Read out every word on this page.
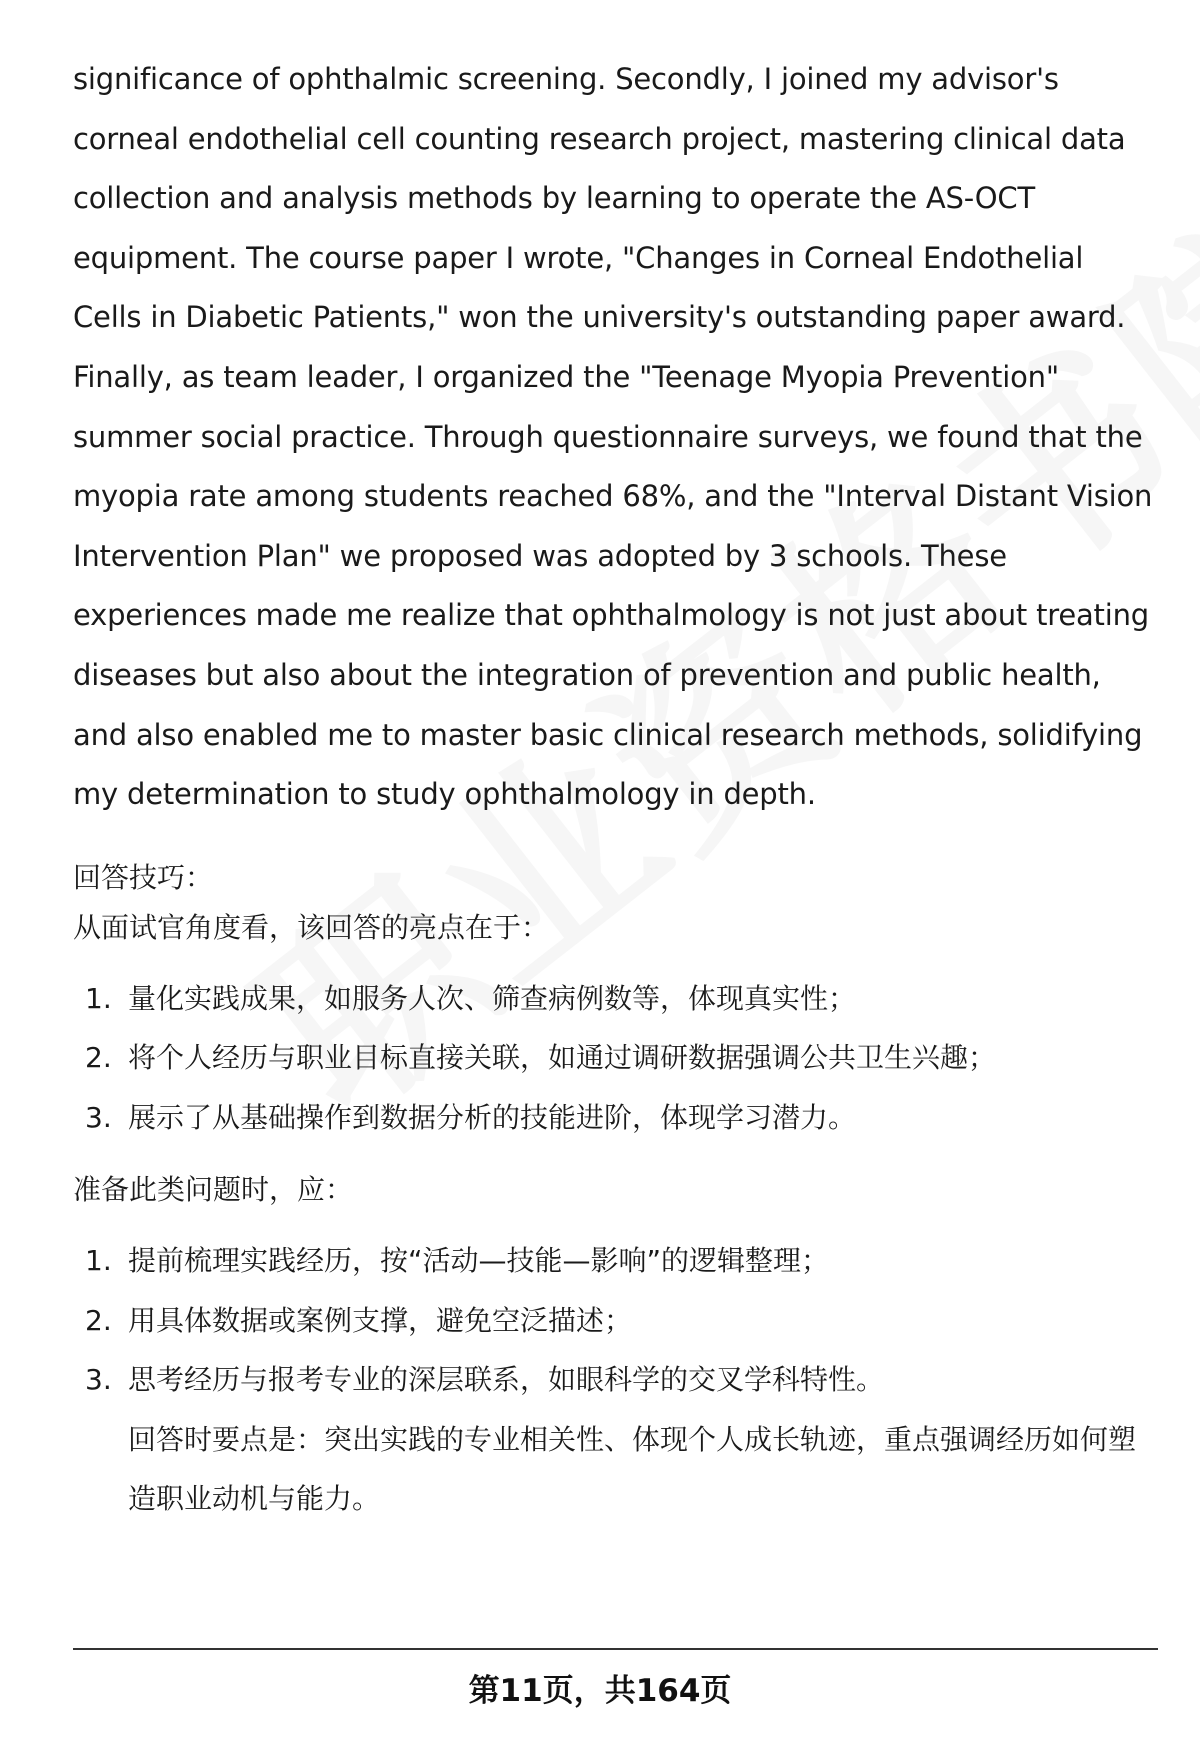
significance of ophthalmic screening. Secondly, I joined my advisor's corneal endothelial cell counting research project, mastering clinical data collection and analysis methods by learning to operate the AS-OCT equipment. The course paper I wrote, "Changes in Corneal Endothelial Cells in Diabetic Patients," won the university's outstanding paper award. Finally, as team leader, I organized the "Teenage Myopia Prevention" summer social practice. Through questionnaire surveys, we found that the myopia rate among students reached 68%, and the "Interval Distant Vision Intervention Plan" we proposed was adopted by 3 schools. These experiences made me realize that ophthalmology is not just about treating diseases but also about the integration of prevention and public health, and also enabled me to master basic clinical research methods, solidifying my determination to study ophthalmology in depth.

回答技巧：

从面试官角度看，该回答的亮点在于：

1. 量化实践成果，如服务人次、筛查病例数等，体现真实性；
2. 将个人经历与职业目标直接关联，如通过调研数据强调公共卫生兴趣；
3. 展示了从基础操作到数据分析的技能进阶，体现学习潜力。

准备此类问题时，应：

1. 提前梳理实践经历，按“活动—技能—影响”的逻辑整理；
2. 用具体数据或案例支撑，避免空泛描述；
3. 思考经历与报考专业的深层联系，如眼科学的交叉学科特性。
回答时要点是：突出实践的专业相关性、体现个人成长轨迹，重点强调经历如何塑造职业动机与能力。
第11页，共164页
